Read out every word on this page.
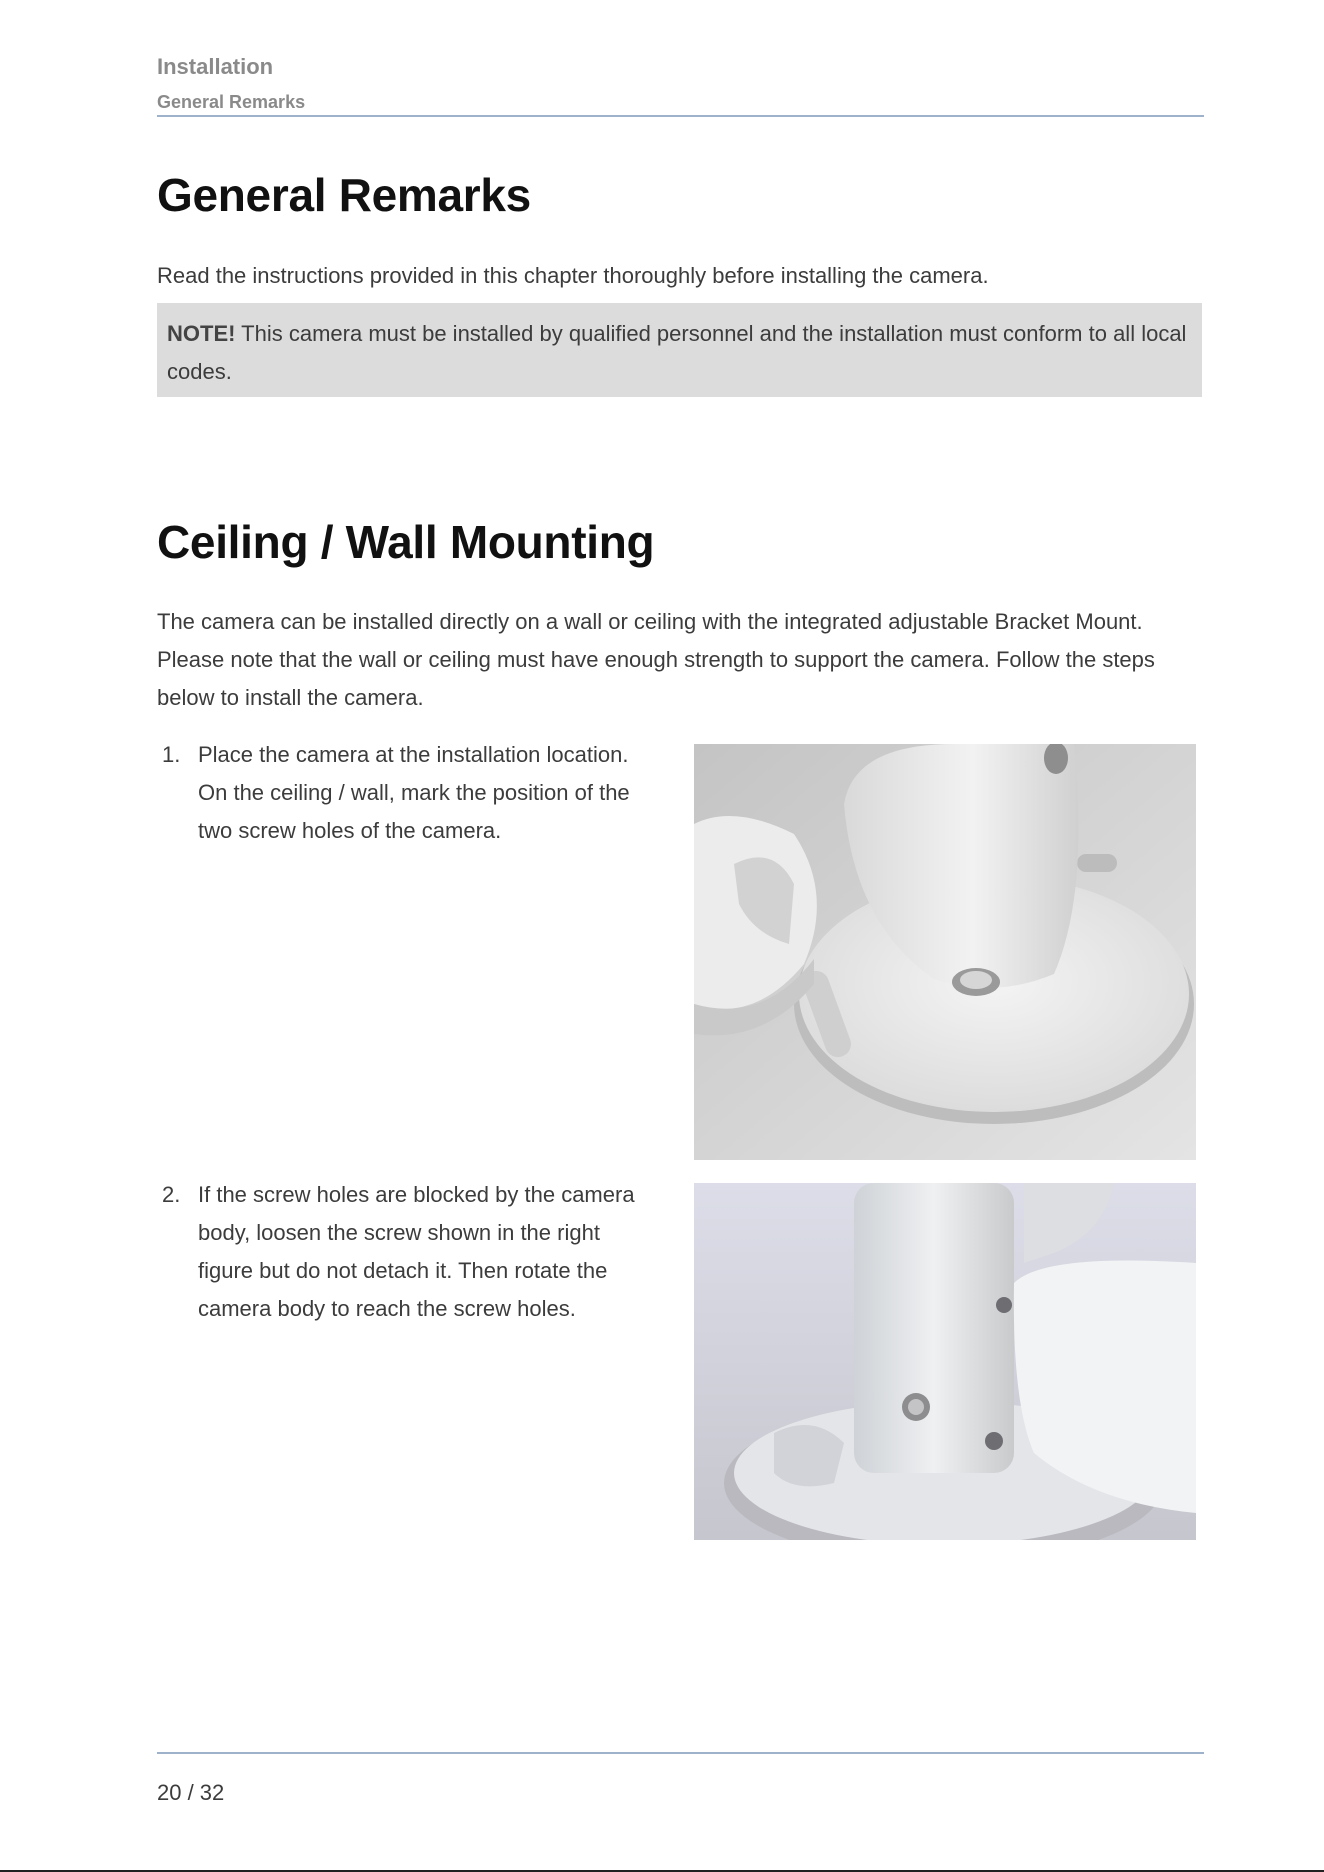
Installation
General Remarks
General Remarks

Read the instructions provided in this chapter thoroughly before installing the camera.

NOTE! This camera must be installed by qualified personnel and the installation must conform to all local codes.
Ceiling / Wall Mounting

The camera can be installed directly on a wall or ceiling with the integrated adjustable Bracket Mount. Please note that the wall or ceiling must have enough strength to support the camera. Follow the steps below to install the camera.

1. Place the camera at the installation location. On the ceiling / wall, mark the position of the two screw holes of the camera.
2. If the screw holes are blocked by the camera body, loosen the screw shown in the right figure but do not detach it. Then rotate the camera body to reach the screw holes.
20 / 32
